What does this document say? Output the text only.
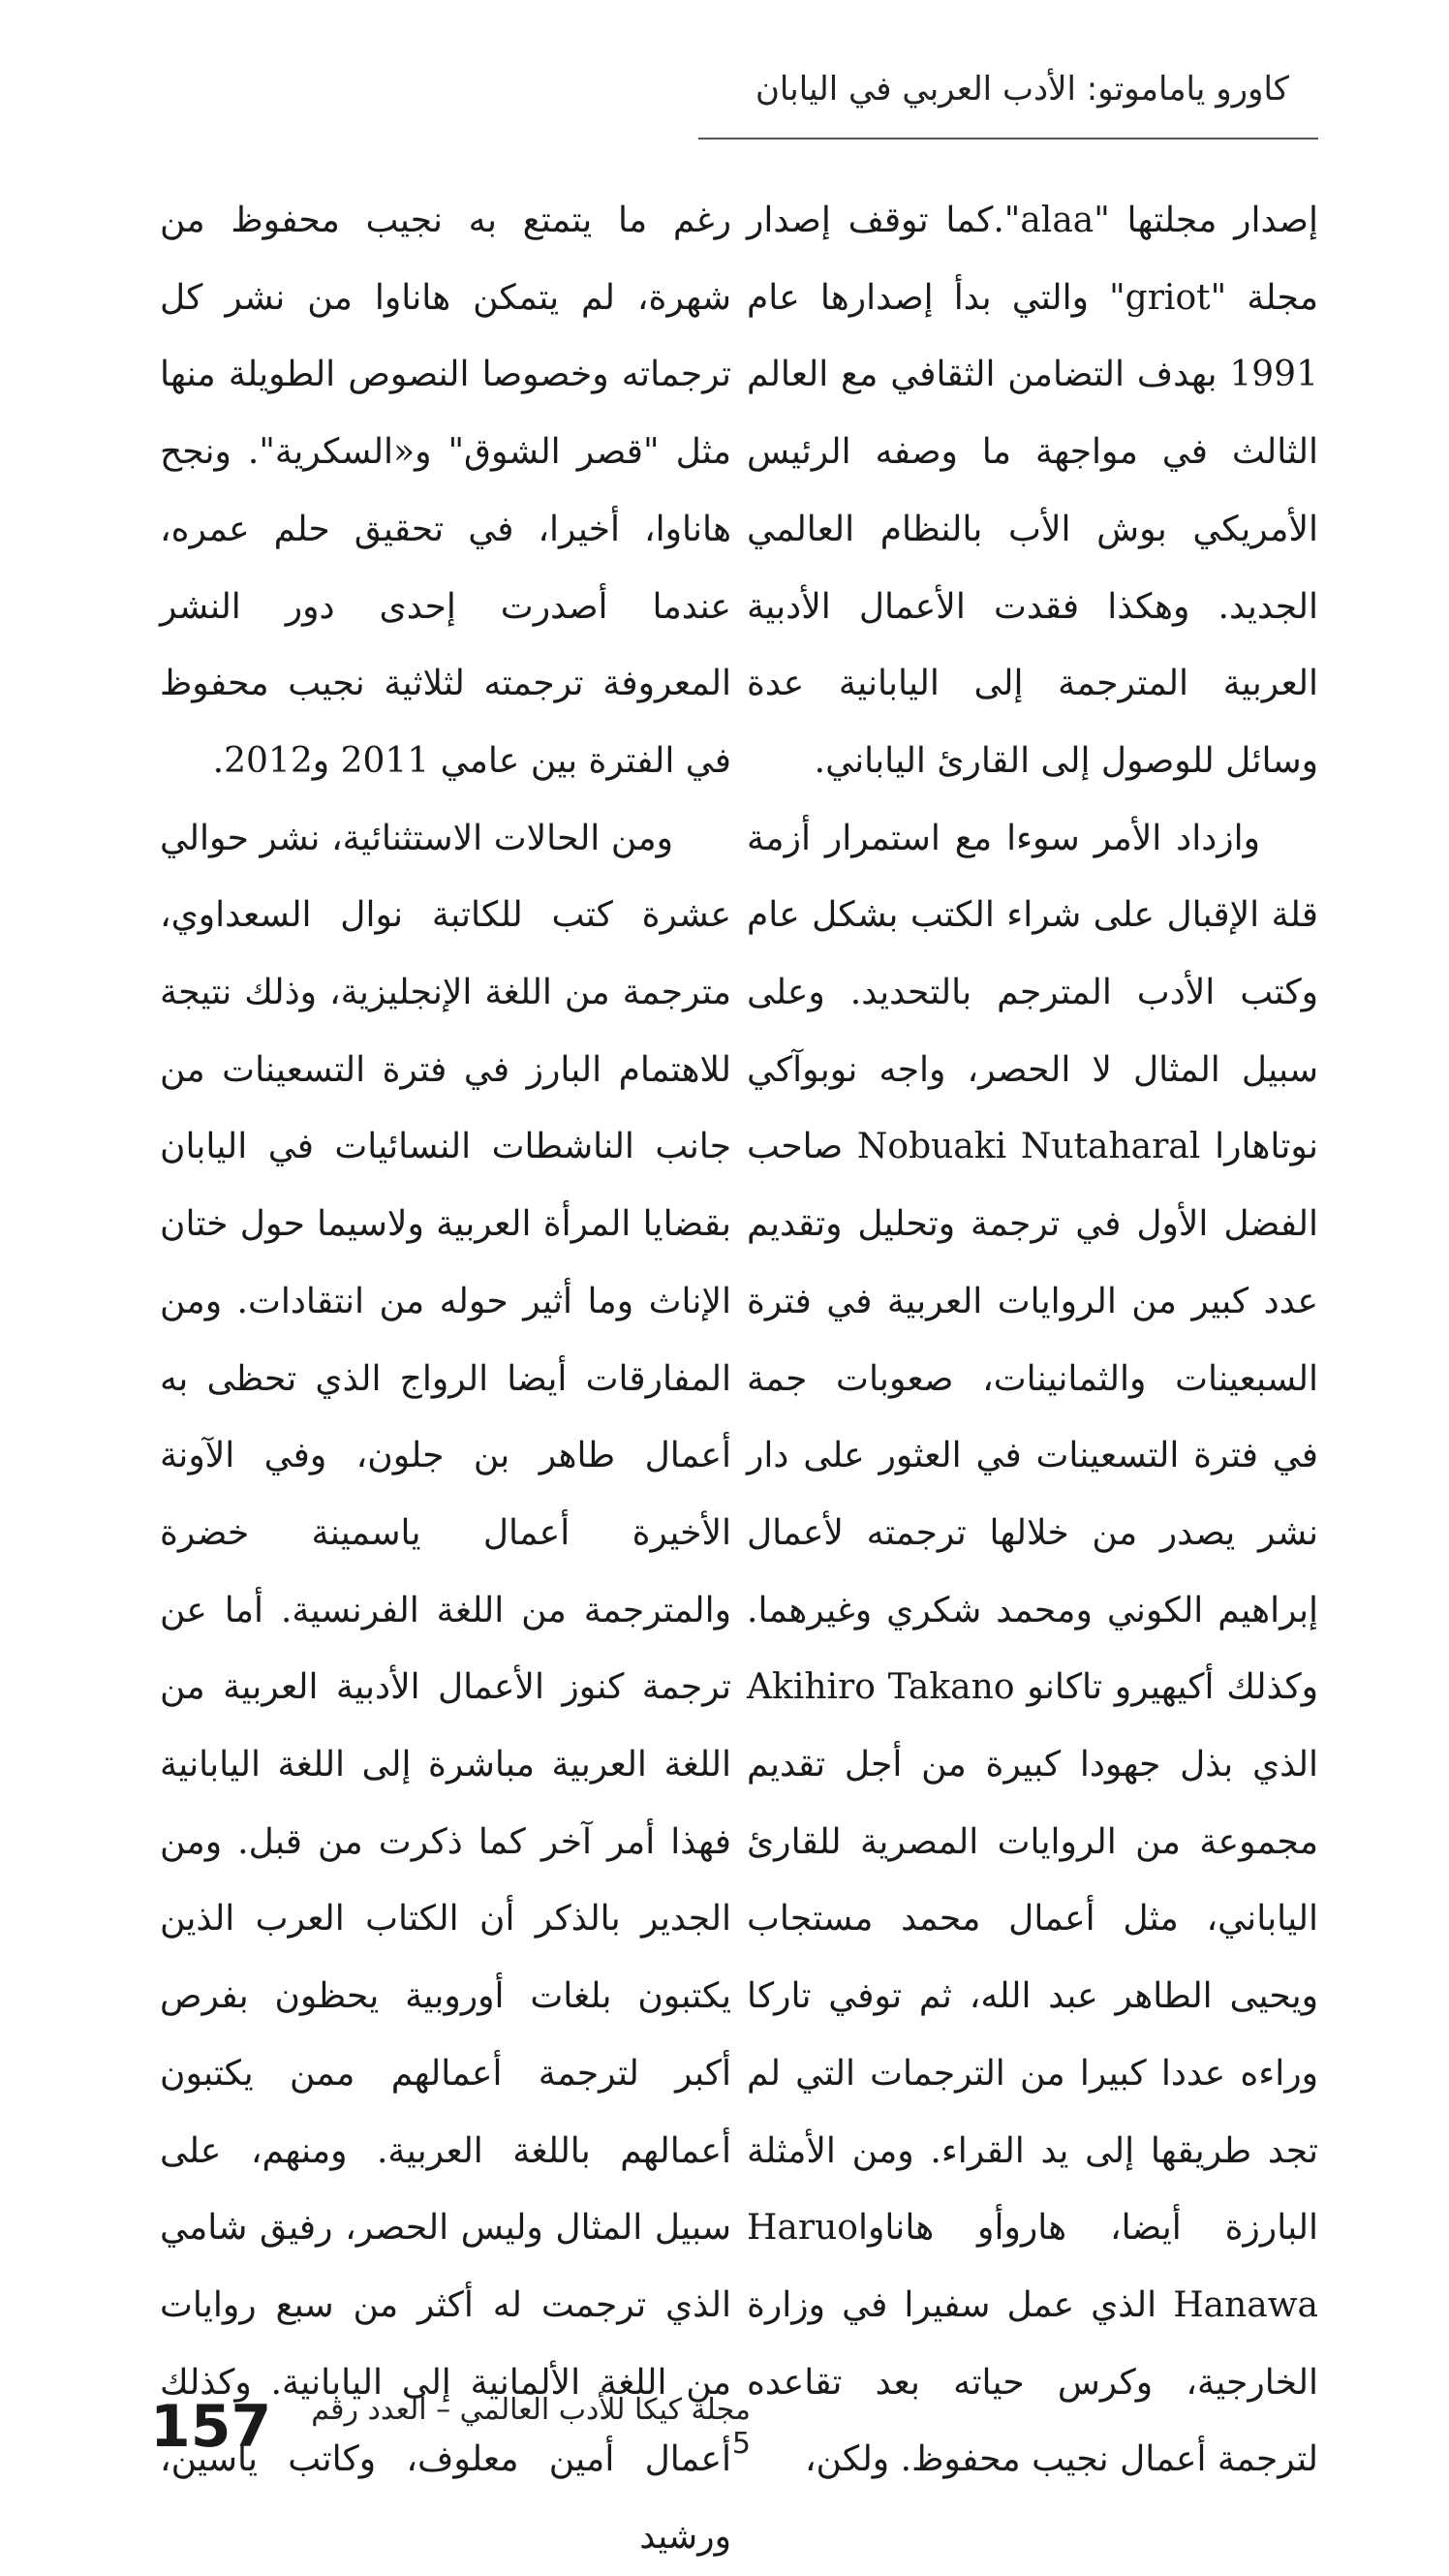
كاورو ياماموتو: الأدب العربي في اليابان

إصدار مجلتها "alaa".كما توقف إصدار مجلة "griot" والتي بدأ إصدارها عام 1991 بهدف التضامن الثقافي مع العالم الثالث في مواجهة ما وصفه الرئيس الأمريكي بوش الأب بالنظام العالمي الجديد. وهكذا فقدت الأعمال الأدبية العربية المترجمة إلى اليابانية عدة وسائل للوصول إلى القارئ الياباني.

وازداد الأمر سوءا مع استمرار أزمة قلة الإقبال على شراء الكتب بشكل عام وكتب الأدب المترجم بالتحديد. وعلى سبيل المثال لا الحصر، واجه نوبوآكي نوتاهارا Nobuaki Nutaharal صاحب الفضل الأول في ترجمة وتحليل وتقديم عدد كبير من الروايات العربية في فترة السبعينات والثمانينات، صعوبات جمة في فترة التسعينات في العثور على دار نشر يصدر من خلالها ترجمته لأعمال إبراهيم الكوني ومحمد شكري وغيرهما. وكذلك أكيهيرو تاكانو Akihiro Takano الذي بذل جهودا كبيرة من أجل تقديم مجموعة من الروايات المصرية للقارئ الياباني، مثل أعمال محمد مستجاب ويحيى الطاهر عبد الله، ثم توفي تاركا وراءه عددا كبيرا من الترجمات التي لم تجد طريقها إلى يد القراء. ومن الأمثلة البارزة أيضا، هاروأو هاناواHaruo Hanawa الذي عمل سفيرا في وزارة الخارجية، وكرس حياته بعد تقاعده لترجمة أعمال نجيب محفوظ. ولكن،

رغم ما يتمتع به نجيب محفوظ من شهرة، لم يتمكن هاناوا من نشر كل ترجماته وخصوصا النصوص الطويلة منها مثل "قصر الشوق" و«السكرية". ونجح هاناوا، أخيرا، في تحقيق حلم عمره، عندما أصدرت إحدى دور النشر المعروفة ترجمته لثلاثية نجيب محفوظ في الفترة بين عامي 2011 و2012.

ومن الحالات الاستثنائية، نشر حوالي عشرة كتب للكاتبة نوال السعداوي، مترجمة من اللغة الإنجليزية، وذلك نتيجة للاهتمام البارز في فترة التسعينات من جانب الناشطات النسائيات في اليابان بقضايا المرأة العربية ولاسيما حول ختان الإناث وما أثير حوله من انتقادات. ومن المفارقات أيضا الرواج الذي تحظى به أعمال طاهر بن جلون، وفي الآونة الأخيرة أعمال ياسمينة خضرة والمترجمة من اللغة الفرنسية. أما عن ترجمة كنوز الأعمال الأدبية العربية من اللغة العربية مباشرة إلى اللغة اليابانية فهذا أمر آخر كما ذكرت من قبل. ومن الجدير بالذكر أن الكتاب العرب الذين يكتبون بلغات أوروبية يحظون بفرص أكبر لترجمة أعمالهم ممن يكتبون أعمالهم باللغة العربية. ومنهم، على سبيل المثال وليس الحصر، رفيق شامي الذي ترجمت له أكثر من سبع روايات من اللغة الألمانية إلى اليابانية. وكذلك أعمال أمين معلوف، وكاتب ياسين، ورشيد

157	مجلة كيكا للأدب العالمي – العدد رقم 5
